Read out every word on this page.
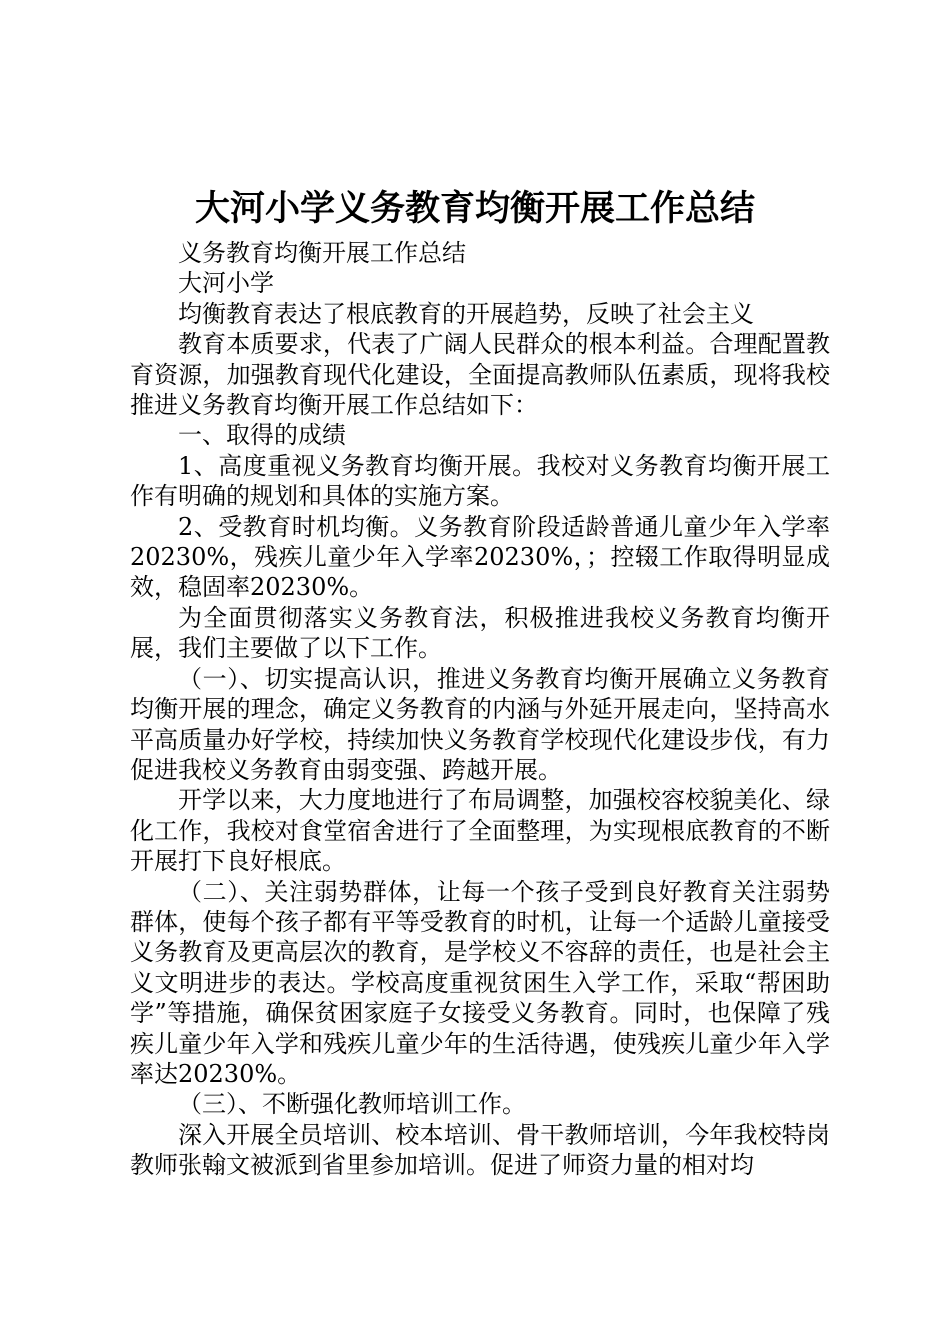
大河小学义务教育均衡开展工作总结

义务教育均衡开展工作总结

大河小学

均衡教育表达了根底教育的开展趋势，反映了社会主义

教育本质要求，代表了广阔人民群众的根本利益。合理配置教育资源，加强教育现代化建设，全面提高教师队伍素质，现将我校推进义务教育均衡开展工作总结如下：

一、取得的成绩

1、高度重视义务教育均衡开展。我校对义务教育均衡开展工作有明确的规划和具体的实施方案。

2、受教育时机均衡。义务教育阶段适龄普通儿童少年入学率20230%，残疾儿童少年入学率20230%，；控辍工作取得明显成效，稳固率20230%。

为全面贯彻落实义务教育法，积极推进我校义务教育均衡开展，我们主要做了以下工作。

（一）、切实提高认识，推进义务教育均衡开展确立义务教育均衡开展的理念，确定义务教育的内涵与外延开展走向，坚持高水平高质量办好学校，持续加快义务教育学校现代化建设步伐，有力促进我校义务教育由弱变强、跨越开展。

开学以来，大力度地进行了布局调整，加强校容校貌美化、绿化工作，我校对食堂宿舍进行了全面整理，为实现根底教育的不断开展打下良好根底。

（二）、关注弱势群体，让每一个孩子受到良好教育关注弱势群体，使每个孩子都有平等受教育的时机，让每一个适龄儿童接受义务教育及更高层次的教育，是学校义不容辞的责任，也是社会主义文明进步的表达。学校高度重视贫困生入学工作，采取“帮困助学”等措施，确保贫困家庭子女接受义务教育。同时，也保障了残疾儿童少年入学和残疾儿童少年的生活待遇，使残疾儿童少年入学率达20230%。

（三）、不断强化教师培训工作。

深入开展全员培训、校本培训、骨干教师培训，今年我校特岗教师张翰文被派到省里参加培训。促进了师资力量的相对均
